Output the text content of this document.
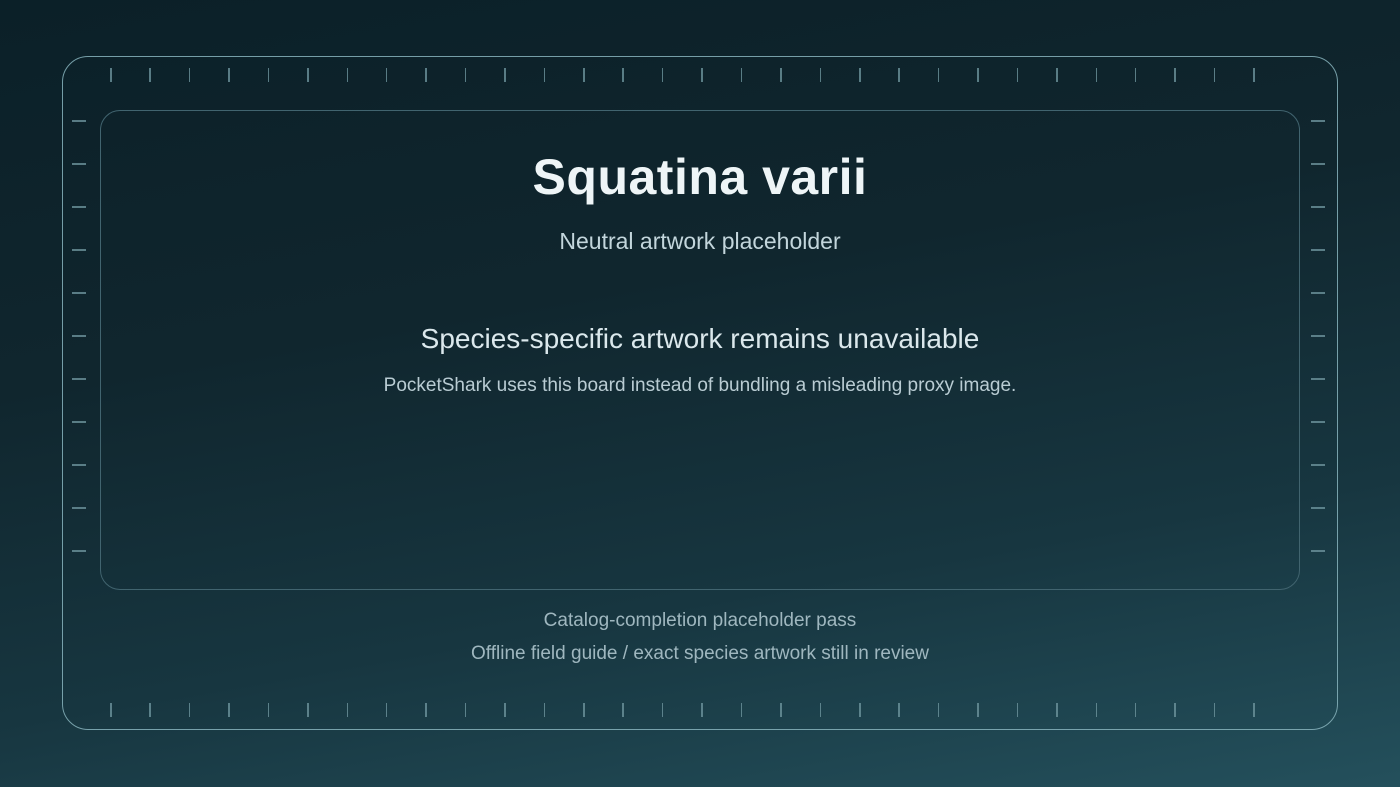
Squatina varii

Neutral artwork placeholder

Species-specific artwork remains unavailable

PocketShark uses this board instead of bundling a misleading proxy image.

Catalog-completion placeholder pass

Offline field guide / exact species artwork still in review
